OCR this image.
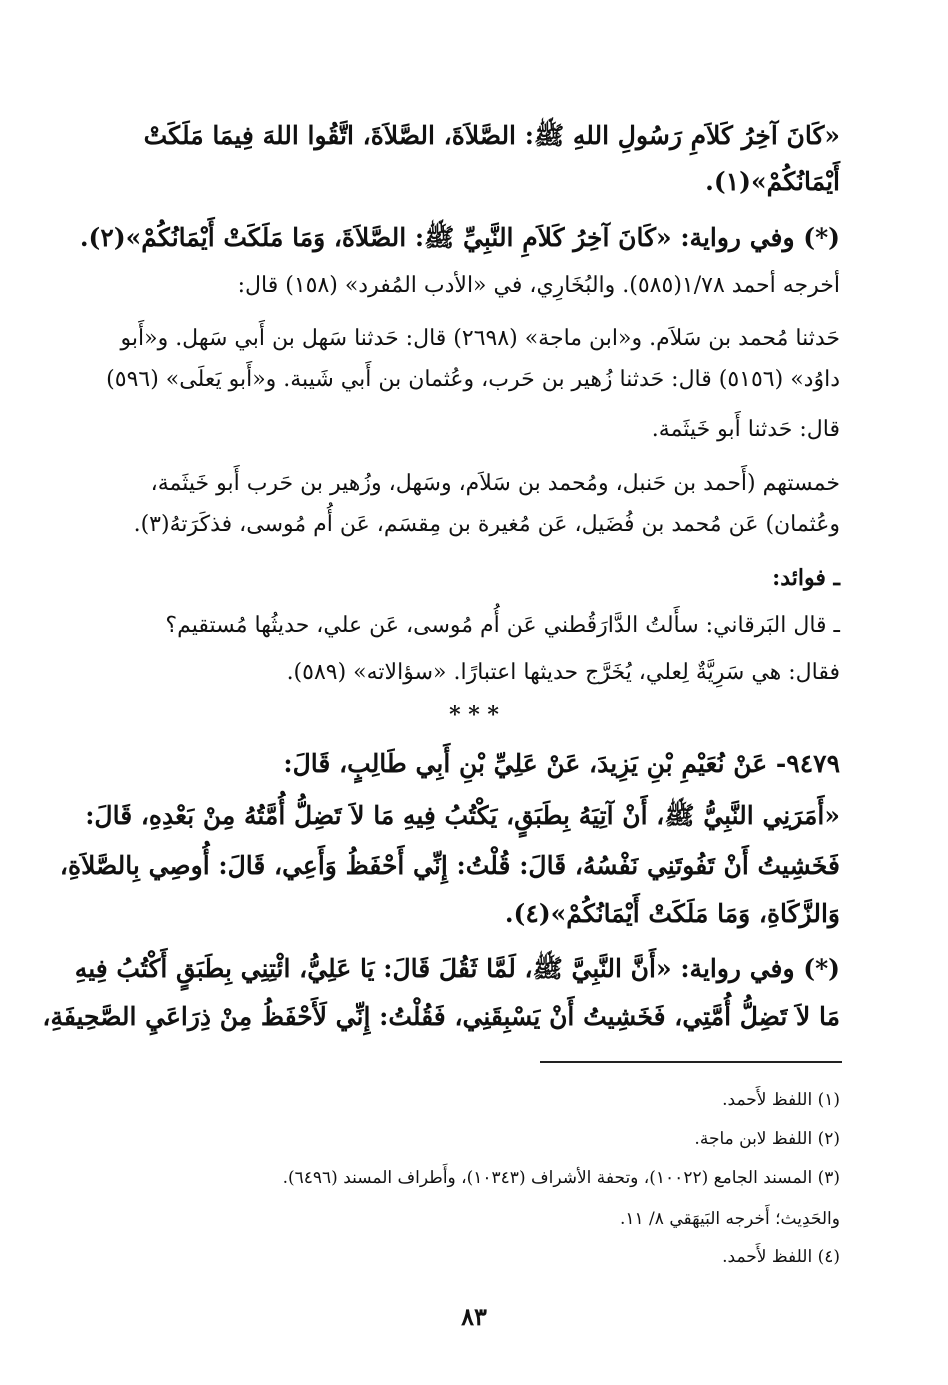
«كَانَ آخِرُ كَلاَمِ رَسُولِ اللهِ ﷺ: الصَّلاَةَ، الصَّلاَةَ، اتَّقُوا اللهَ فِيمَا مَلَكَتْ
أَيْمَانُكُمْ»(١).
(*) وفي رواية: «كَانَ آخِرُ كَلاَمِ النَّبِيِّ ﷺ: الصَّلاَةَ، وَمَا مَلَكَتْ أَيْمَانُكُمْ»(٢).
أخرجه أحمد ١/٧٨(٥٨٥). والبُخَارِي، في «الأدب المُفرد» (١٥٨) قال:
حَدثنا مُحمد بن سَلاَم. و«ابن ماجة» (٢٦٩٨) قال: حَدثنا سَهل بن أَبي سَهل. و«أَبو
داوُد» (٥١٥٦) قال: حَدثنا زُهير بن حَرب، وعُثمان بن أَبي شَيبة. و«أَبو يَعلَى» (٥٩٦)
قال: حَدثنا أَبو خَيثَمة.
خمستهم (أَحمد بن حَنبل، ومُحمد بن سَلاَم، وسَهل، وزُهير بن حَرب أَبو خَيثَمة،
وعُثمان) عَن مُحمد بن فُضَيل، عَن مُغيرة بن مِقسَم، عَن أُم مُوسى، فذكَرَتهُ(٣).
ـ فوائد:
ـ قال البَرقاني: سأَلتُ الدَّارَقُطني عَن أُم مُوسى، عَن علي، حديثُها مُستقيم؟
فقال: هي سَرِيَّةٌ لِعلي، يُخَرَّج حديثها اعتبارًا. «سؤالاته» (٥٨٩).
* * *
٩٤٧٩- عَنْ نُعَيْمِ بْنِ يَزِيدَ، عَنْ عَلِيِّ بْنِ أَبِي طَالِبٍ، قَالَ:
«أَمَرَنِي النَّبِيُّ ﷺ، أَنْ آتِيَهُ بِطَبَقٍ، يَكْتُبُ فِيهِ مَا لاَ تَضِلُّ أُمَّتُهُ مِنْ بَعْدِهِ، قَالَ:
فَخَشِيتُ أَنْ تَفُوتَنِي نَفْسُهُ، قَالَ: قُلْتُ: إِنِّي أَحْفَظُ وَأَعِي، قَالَ: أُوصِي بِالصَّلاَةِ،
وَالزَّكَاةِ، وَمَا مَلَكَتْ أَيْمَانُكُمْ»(٤).
(*) وفي رواية: «أَنَّ النَّبِيَّ ﷺ، لَمَّا ثَقُلَ قَالَ: يَا عَلِيُّ، ائْتِنِي بِطَبَقٍ أَكْتُبُ فِيهِ
مَا لاَ تَضِلُّ أُمَّتِي، فَخَشِيتُ أَنْ يَسْبِقَنِي، فَقُلْتُ: إِنِّي لَأَحْفَظُ مِنْ ذِرَاعَيِ الصَّحِيفَةِ،
(١) اللفظ لأَحمد.
(٢) اللفظ لابن ماجة.
(٣) المسند الجامع (١٠٠٢٢)، وتحفة الأشراف (١٠٣٤٣)، وأَطراف المسند (٦٤٩٦).
والحَدِيث؛ أَخرجه البَيهَقي ٨/ ١١.
(٤) اللفظ لأَحمد.
٨٣
